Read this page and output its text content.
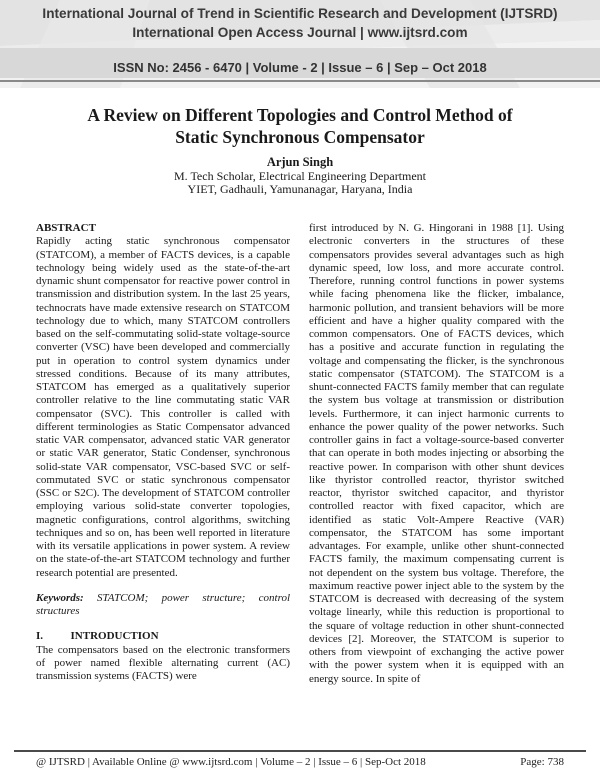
International Journal of Trend in Scientific Research and Development (IJTSRD)
International Open Access Journal | www.ijtsrd.com
ISSN No: 2456 - 6470 | Volume - 2 | Issue – 6 | Sep – Oct 2018
A Review on Different Topologies and Control Method of
Static Synchronous Compensator
Arjun Singh
M. Tech Scholar, Electrical Engineering Department
YIET, Gadhauli, Yamunanagar, Haryana, India

ABSTRACT

Rapidly acting static synchronous compensator (STATCOM), a member of FACTS devices, is a capable technology being widely used as the state-of-the-art dynamic shunt compensator for reactive power control in transmission and distribution system. In the last 25 years, technocrats have made extensive research on STATCOM technology due to which, many STATCOM controllers based on the self-commutating solid-state voltage-source converter (VSC) have been developed and commercially put in operation to control system dynamics under stressed conditions. Because of its many attributes, STATCOM has emerged as a qualitatively superior controller relative to the line commutating static VAR compensator (SVC). This controller is called with different terminologies as Static Compensator advanced static VAR compensator, advanced static VAR generator or static VAR generator, Static Condenser, synchronous solid-state VAR compensator, VSC-based SVC or self-commutated SVC or static synchronous compensator (SSC or S2C). The development of STATCOM controller employing various solid-state converter topologies, magnetic configurations, control algorithms, switching techniques and so on, has been well reported in literature with its versatile applications in power system. A review on the state-of-the-art STATCOM technology and further research potential are presented.

Keywords: STATCOM; power structure; control structures

I.          INTRODUCTION

The compensators based on the electronic transformers of power named flexible alternating current (AC) transmission systems (FACTS) were

first introduced by N. G. Hingorani in 1988 [1]. Using electronic converters in the structures of these compensators provides several advantages such as high dynamic speed, low loss, and more accurate control. Therefore, running control functions in power systems while facing phenomena like the flicker, imbalance, harmonic pollution, and transient behaviors will be more efficient and have a higher quality compared with the common compensators. One of FACTS devices, which has a positive and accurate function in regulating the voltage and compensating the flicker, is the synchronous static compensator (STATCOM). The STATCOM is a shunt-connected FACTS family member that can regulate the system bus voltage at transmission or distribution levels. Furthermore, it can inject harmonic currents to enhance the power quality of the power networks. Such controller gains in fact a voltage-source-based converter that can operate in both modes injecting or absorbing the reactive power. In comparison with other shunt devices like thyristor controlled reactor, thyristor switched reactor, thyristor switched capacitor, and thyristor controlled reactor with fixed capacitor, which are identified as static Volt-Ampere Reactive (VAR) compensator, the STATCOM has some important advantages. For example, unlike other shunt-connected FACTS family, the maximum compensating current is not dependent on the system bus voltage. Therefore, the maximum reactive power inject able to the system by the STATCOM is decreased with decreasing of the system voltage linearly, while this reduction is proportional to the square of voltage reduction in other shunt-connected devices [2]. Moreover, the STATCOM is superior to others from viewpoint of exchanging the active power with the power system when it is equipped with an energy source. In spite of

@ IJTSRD | Available Online @ www.ijtsrd.com | Volume – 2 | Issue – 6 | Sep-Oct 2018	Page: 738
